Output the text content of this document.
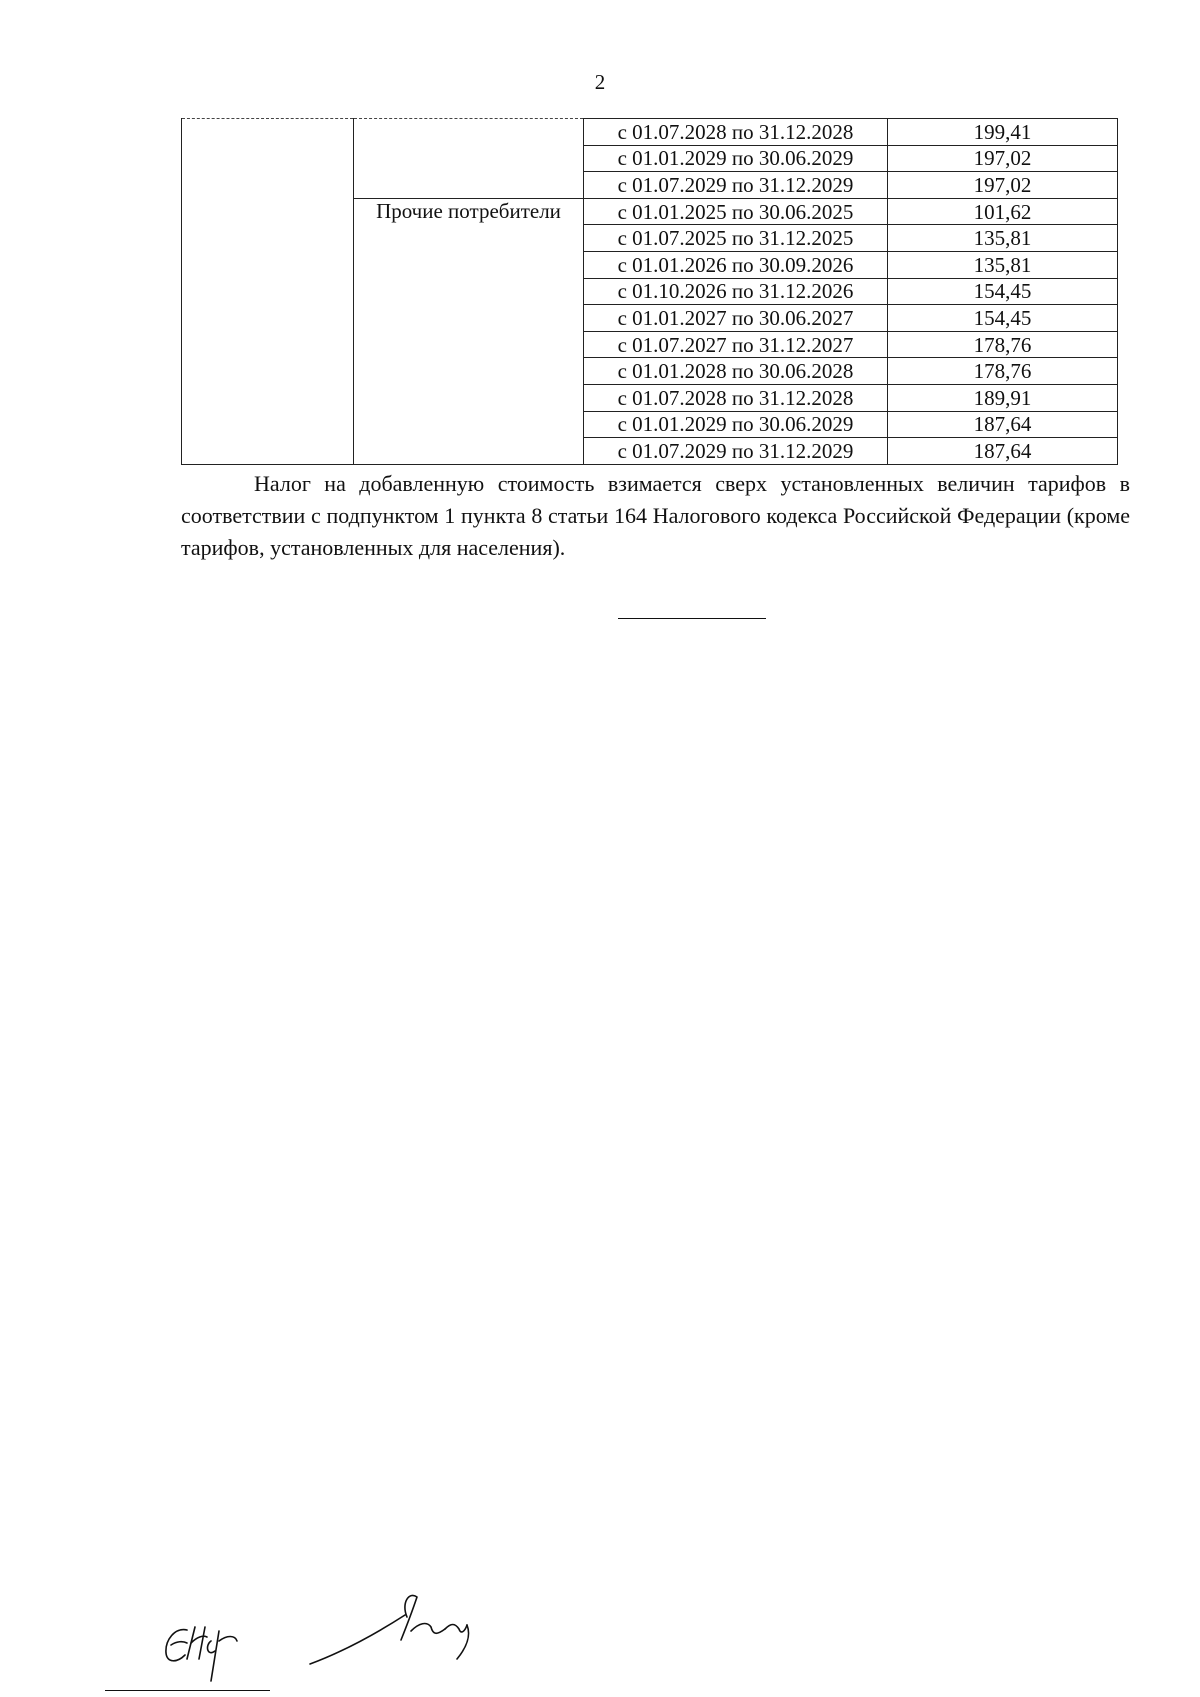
2
		с 01.07.2028 по 31.12.2028	199,41
		с 01.01.2029 по 30.06.2029	197,02
		с 01.07.2029 по 31.12.2029	197,02
	Прочие потребители	с 01.01.2025 по 30.06.2025	101,62
		с 01.07.2025 по 31.12.2025	135,81
		с 01.01.2026 по 30.09.2026	135,81
		с 01.10.2026 по 31.12.2026	154,45
		с 01.01.2027 по 30.06.2027	154,45
		с 01.07.2027 по 31.12.2027	178,76
		с 01.01.2028 по 30.06.2028	178,76
		с 01.07.2028 по 31.12.2028	189,91
		с 01.01.2029 по 30.06.2029	187,64
		с 01.07.2029 по 31.12.2029	187,64

Налог на добавленную стоимость взимается сверх установленных величин тарифов в соответствии с подпунктом 1 пункта 8 статьи 164 Налогового кодекса Российской Федерации (кроме тарифов, установленных для населения).
